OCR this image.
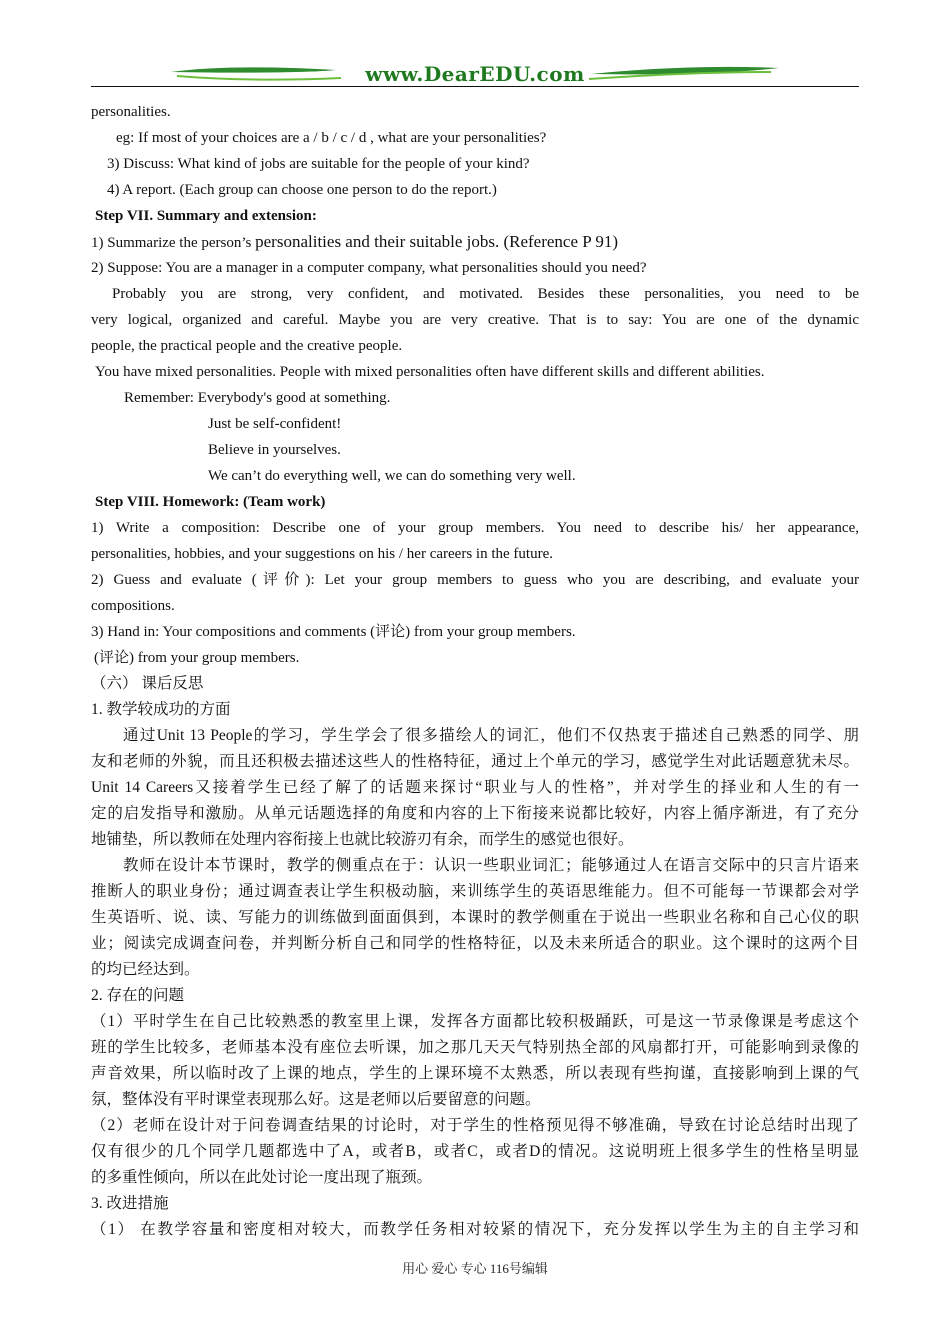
www.DearEDU.com
personalities.
eg: If most of your choices are a / b / c / d , what are your personalities?
3) Discuss: What kind of jobs are suitable for the people of your kind?
4) A report. (Each group can choose one person to do the report.)
Step VII. Summary and extension:
1) Summarize the person’s personalities and their suitable jobs. (Reference P 91)
2) Suppose: You are a manager in a computer company, what personalities should you need?
Probably you are strong, very confident, and motivated. Besides these personalities, you need to be
very logical, organized and careful. Maybe you are very creative. That is to say: You are one of the dynamic
people, the practical people and the creative people.
You have mixed personalities. People with mixed personalities often have different skills and different abilities.
Remember: Everybody's good at something.
Just be self-confident!
Believe in yourselves.
We can’t do everything well, we can do something very well.
Step VIII. Homework: (Team work)
1) Write a composition: Describe one of your group members. You need to describe his/ her appearance,
personalities, hobbies, and your suggestions on his / her careers in the future.
2) Guess and evaluate (评价): Let your group members to guess who you are describing, and evaluate your
compositions.
3) Hand in: Your compositions and comments (评论) from your group members.
(评论) from your group members.
（六） 课后反思
1. 教学较成功的方面
通过Unit 13 People的学习，学生学会了很多描绘人的词汇，他们不仅热衷于描述自己熟悉的同学、朋
友和老师的外貌，而且还积极去描述这些人的性格特征，通过上个单元的学习，感觉学生对此话题意犹未尽。
Unit 14 Careers又接着学生已经了解了的话题来探讨“职业与人的性格”，并对学生的择业和人生的有一
定的启发指导和激励。从单元话题选择的角度和内容的上下衔接来说都比较好，内容上循序渐进，有了充分
地铺垫，所以教师在处理内容衔接上也就比较游刃有余，而学生的感觉也很好。
教师在设计本节课时，教学的侧重点在于：认识一些职业词汇；能够通过人在语言交际中的只言片语来
推断人的职业身份；通过调查表让学生积极动脑，来训练学生的英语思维能力。但不可能每一节课都会对学
生英语听、说、读、写能力的训练做到面面俱到，本课时的教学侧重在于说出一些职业名称和自己心仪的职
业；阅读完成调查问卷，并判断分析自己和同学的性格特征，以及未来所适合的职业。这个课时的这两个目
的均已经达到。
2. 存在的问题
（1）平时学生在自己比较熟悉的教室里上课，发挥各方面都比较积极踊跃，可是这一节录像课是考虑这个
班的学生比较多，老师基本没有座位去听课，加之那几天天气特别热全部的风扇都打开，可能影响到录像的
声音效果，所以临时改了上课的地点，学生的上课环境不太熟悉，所以表现有些拘谨，直接影响到上课的气
氛，整体没有平时课堂表现那么好。这是老师以后要留意的问题。
（2）老师在设计对于问卷调查结果的讨论时，对于学生的性格预见得不够准确，导致在讨论总结时出现了
仅有很少的几个同学几题都选中了A，或者B，或者C，或者D的情况。这说明班上很多学生的性格呈明显
的多重性倾向，所以在此处讨论一度出现了瓶颈。
3. 改进措施
（1） 在教学容量和密度相对较大，而教学任务相对较紧的情况下，充分发挥以学生为主的自主学习和
用心 爱心 专心 116号编辑
